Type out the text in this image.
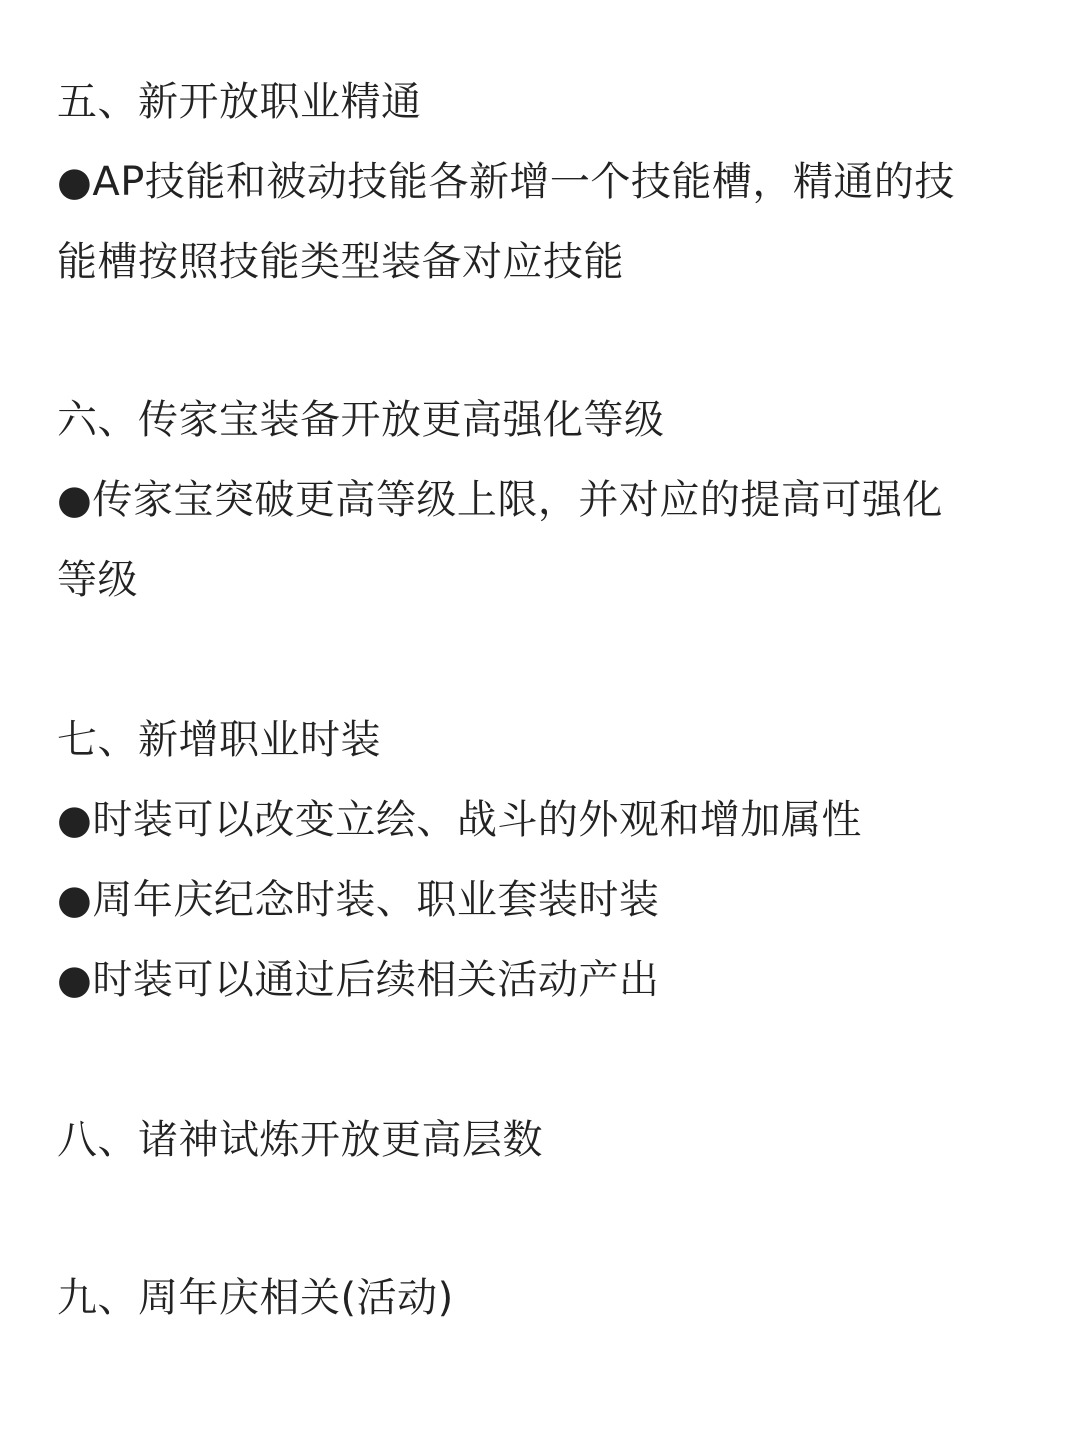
五、新开放职业精通
●AP技能和被动技能各新增一个技能槽，精通的技
能槽按照技能类型装备对应技能
六、传家宝装备开放更高强化等级
●传家宝突破更高等级上限，并对应的提高可强化
等级
七、新增职业时装
●时装可以改变立绘、战斗的外观和增加属性
●周年庆纪念时装、职业套装时装
●时装可以通过后续相关活动产出
八、诸神试炼开放更高层数
九、周年庆相关(活动)
